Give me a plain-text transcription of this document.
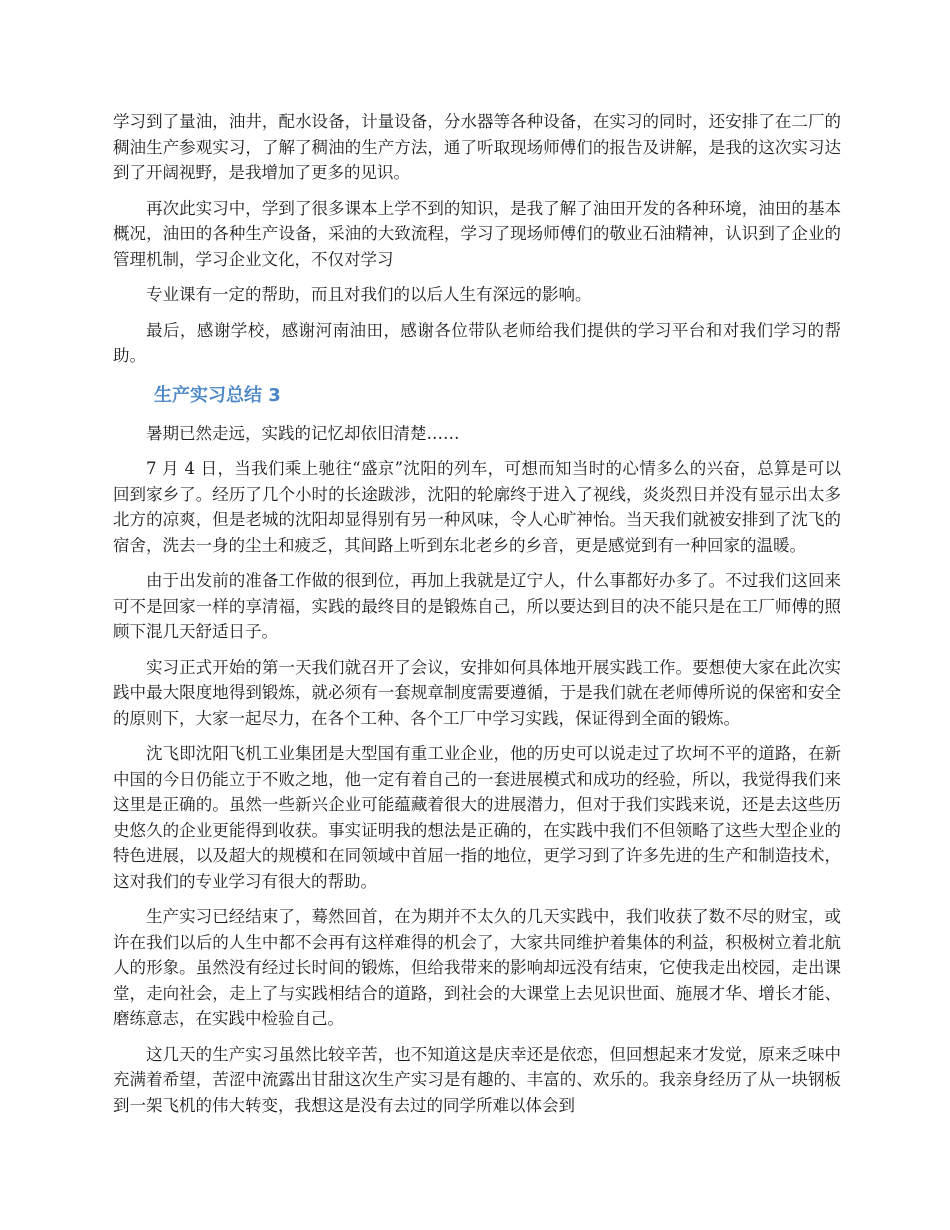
学习到了量油，油井，配水设备，计量设备，分水器等各种设备，在实习的同时，还安排了在二厂的稠油生产参观实习，了解了稠油的生产方法，通了听取现场师傅们的报告及讲解，是我的这次实习达到了开阔视野，是我增加了更多的见识。

再次此实习中，学到了很多课本上学不到的知识，是我了解了油田开发的各种环境，油田的基本概况，油田的各种生产设备，采油的大致流程，学习了现场师傅们的敬业石油精神，认识到了企业的管理机制，学习企业文化，不仅对学习

专业课有一定的帮助，而且对我们的以后人生有深远的影响。

最后，感谢学校，感谢河南油田，感谢各位带队老师给我们提供的学习平台和对我们学习的帮助。

生产实习总结 3

暑期已然走远，实践的记忆却依旧清楚……

7 月 4 日，当我们乘上驰往“盛京”沈阳的列车，可想而知当时的心情多么的兴奋，总算是可以回到家乡了。经历了几个小时的长途跋涉，沈阳的轮廓终于进入了视线，炎炎烈日并没有显示出太多北方的凉爽，但是老城的沈阳却显得别有另一种风味，令人心旷神怡。当天我们就被安排到了沈飞的宿舍，洗去一身的尘土和疲乏，其间路上听到东北老乡的乡音，更是感觉到有一种回家的温暖。

由于出发前的准备工作做的很到位，再加上我就是辽宁人，什么事都好办多了。不过我们这回来可不是回家一样的享清福，实践的最终目的是锻炼自己，所以要达到目的决不能只是在工厂师傅的照顾下混几天舒适日子。

实习正式开始的第一天我们就召开了会议，安排如何具体地开展实践工作。要想使大家在此次实践中最大限度地得到锻炼，就必须有一套规章制度需要遵循，于是我们就在老师傅所说的保密和安全的原则下，大家一起尽力，在各个工种、各个工厂中学习实践，保证得到全面的锻炼。

沈飞即沈阳飞机工业集团是大型国有重工业企业，他的历史可以说走过了坎坷不平的道路，在新中国的今日仍能立于不败之地，他一定有着自己的一套进展模式和成功的经验，所以，我觉得我们来这里是正确的。虽然一些新兴企业可能蕴藏着很大的进展潜力，但对于我们实践来说，还是去这些历史悠久的企业更能得到收获。事实证明我的想法是正确的，在实践中我们不但领略了这些大型企业的特色进展，以及超大的规模和在同领域中首屈一指的地位，更学习到了许多先进的生产和制造技术，这对我们的专业学习有很大的帮助。

生产实习已经结束了，蓦然回首，在为期并不太久的几天实践中，我们收获了数不尽的财宝，或许在我们以后的人生中都不会再有这样难得的机会了，大家共同维护着集体的利益，积极树立着北航人的形象。虽然没有经过长时间的锻炼，但给我带来的影响却远没有结束，它使我走出校园，走出课堂，走向社会，走上了与实践相结合的道路，到社会的大课堂上去见识世面、施展才华、增长才能、磨练意志，在实践中检验自己。

这几天的生产实习虽然比较辛苦，也不知道这是庆幸还是依恋，但回想起来才发觉，原来乏味中充满着希望，苦涩中流露出甘甜这次生产实习是有趣的、丰富的、欢乐的。我亲身经历了从一块钢板到一架飞机的伟大转变，我想这是没有去过的同学所难以体会到
